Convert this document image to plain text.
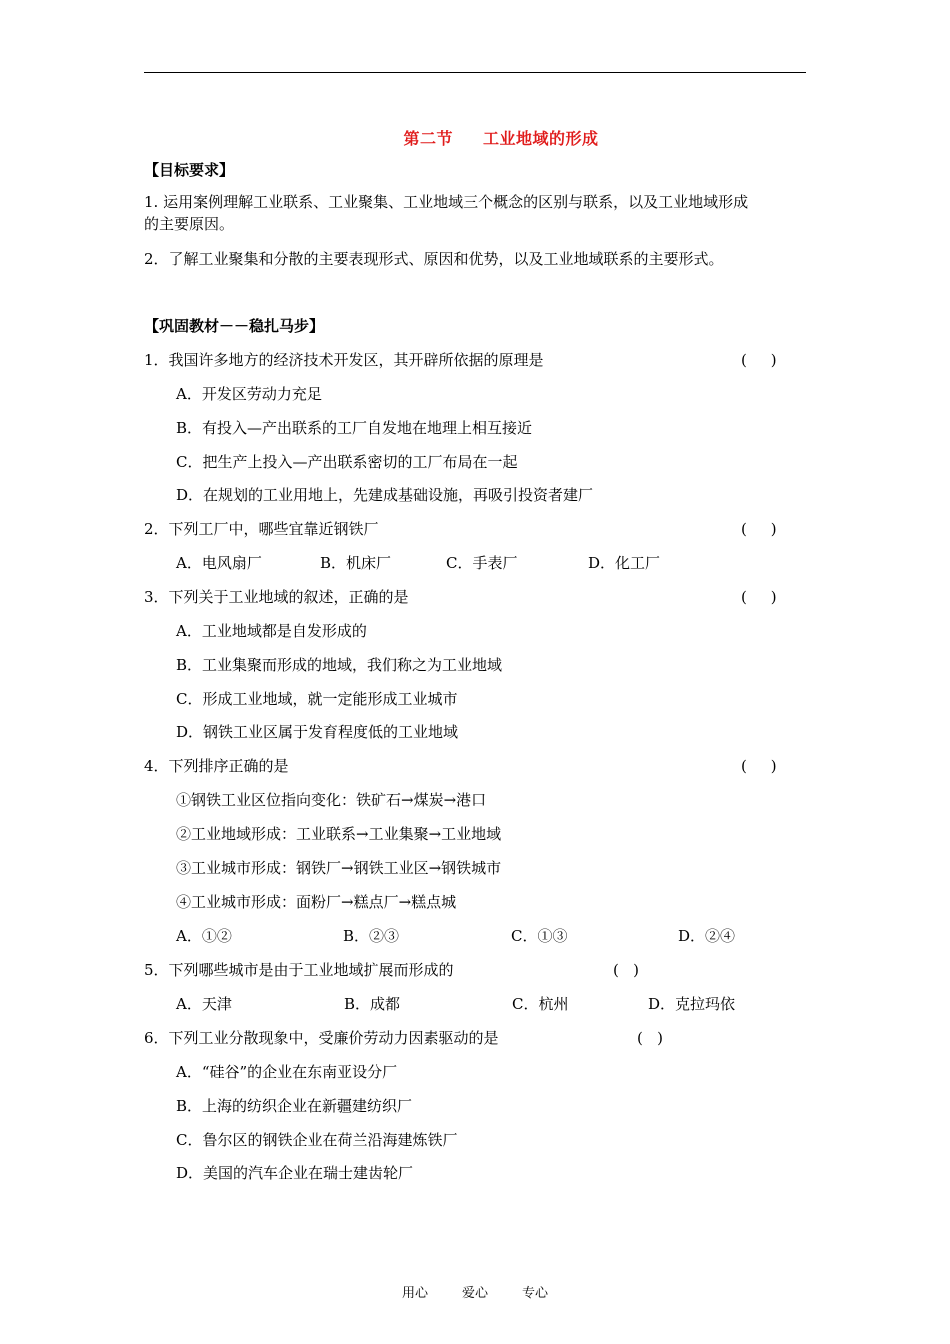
第二节 工业地域的形成
【目标要求】
1. 运用案例理解工业联系、工业聚集、工业地域三个概念的区别与联系，以及工业地域形成
的主要原因。
2．了解工业聚集和分散的主要表现形式、原因和优势，以及工业地域联系的主要形式。
【巩固教材－－稳扎马步】
1．我国许多地方的经济技术开发区，其开辟所依据的原理是	(     )
A．开发区劳动力充足
B．有投入—产出联系的工厂自发地在地理上相互接近
C．把生产上投入—产出联系密切的工厂布局在一起
D．在规划的工业用地上，先建成基础设施，再吸引投资者建厂
2．下列工厂中，哪些宜靠近钢铁厂	(     )
A．电风扇厂	B．机床厂	C．手表厂	D．化工厂
3．下列关于工业地域的叙述，正确的是	(     )
A．工业地域都是自发形成的
B．工业集聚而形成的地域，我们称之为工业地域
C．形成工业地域，就一定能形成工业城市
D．钢铁工业区属于发育程度低的工业地域
4．下列排序正确的是	(     )
①钢铁工业区位指向变化：铁矿石→煤炭→港口
②工业地域形成：工业联系→工业集聚→工业地域
③工业城市形成：钢铁厂→钢铁工业区→钢铁城市
④工业城市形成：面粉厂→糕点厂→糕点城
A．①②	B．②③	C．①③	D．②④
5．下列哪些城市是由于工业地域扩展而形成的	(   )
A．天津	B．成都	C．杭州	D．克拉玛依
6．下列工业分散现象中，受廉价劳动力因素驱动的是	(   )
A．“硅谷”的企业在东南亚设分厂
B．上海的纺织企业在新疆建纺织厂
C．鲁尔区的钢铁企业在荷兰沿海建炼铁厂
D．美国的汽车企业在瑞士建齿轮厂
用心	爱心	专心
